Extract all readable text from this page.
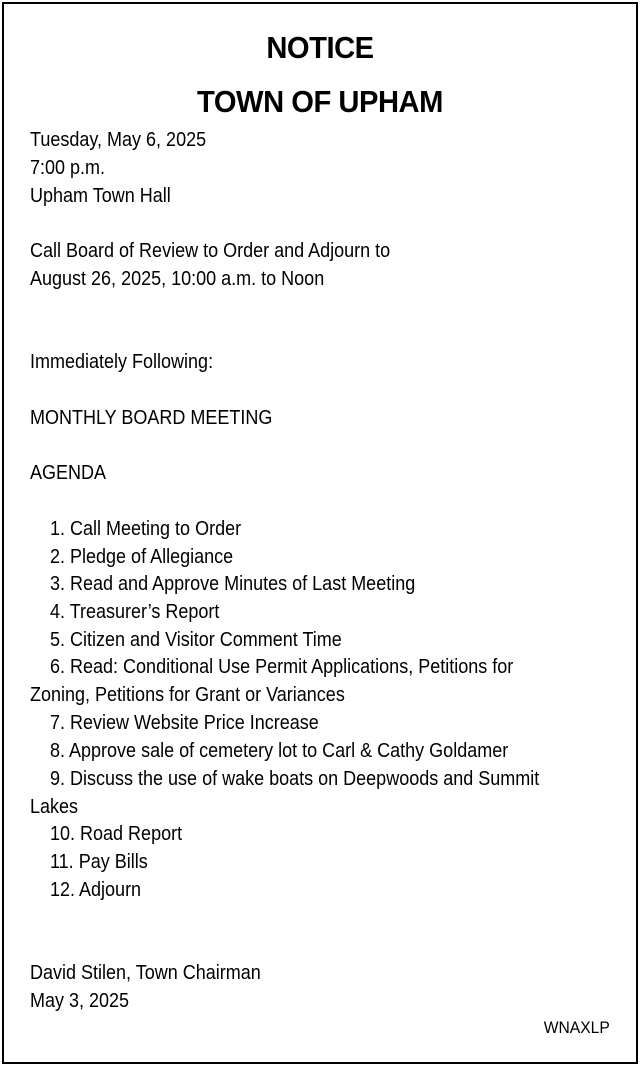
NOTICE
TOWN OF UPHAM
Tuesday, May 6, 2025
7:00 p.m.
Upham Town Hall
Call Board of Review to Order and Adjourn to
August 26, 2025, 10:00 a.m. to Noon
Immediately Following:
MONTHLY BOARD MEETING
AGENDA
1. Call Meeting to Order
2. Pledge of Allegiance
3. Read and Approve Minutes of Last Meeting
4. Treasurer’s Report
5. Citizen and Visitor Comment Time
6. Read: Conditional Use Permit Applications, Petitions for
Zoning, Petitions for Grant or Variances
7. Review Website Price Increase
8. Approve sale of cemetery lot to Carl & Cathy Goldamer
9. Discuss the use of wake boats on Deepwoods and Summit
Lakes
10. Road Report
11. Pay Bills
12. Adjourn
David Stilen, Town Chairman
May 3, 2025
WNAXLP
